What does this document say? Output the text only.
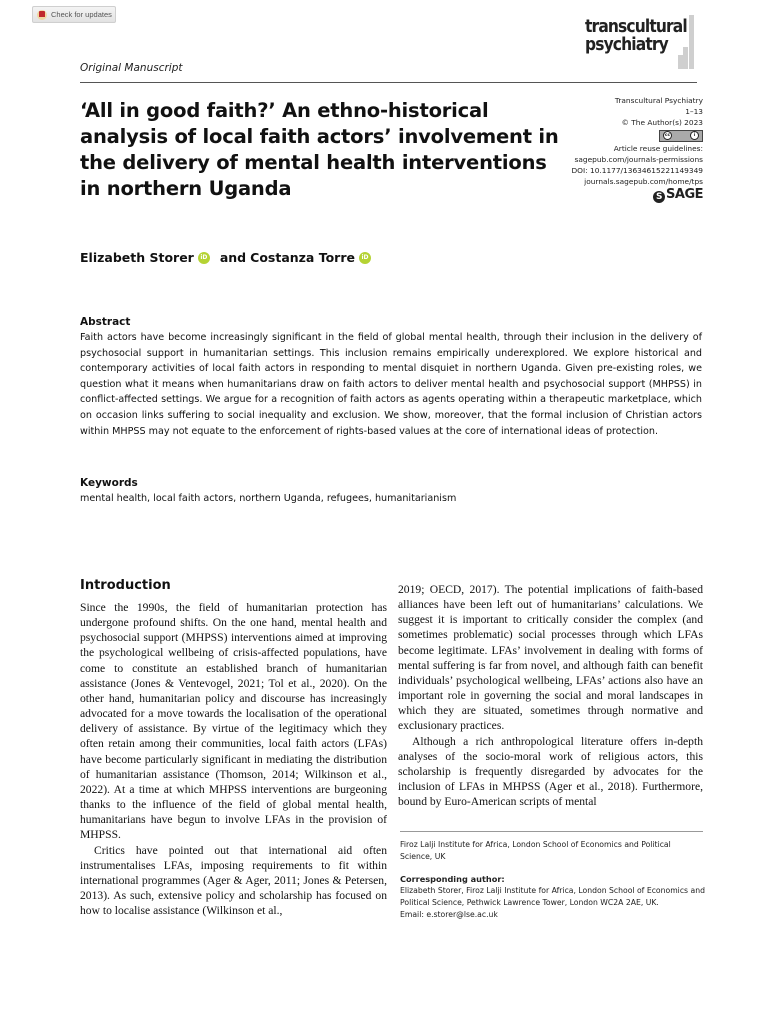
Check for updates
Original Manuscript
transcultural
psychiatry
Transcultural Psychiatry
1–13
© The Author(s) 2023
cc	i
Article reuse guidelines:
sagepub.com/journals-permissions
DOI: 10.1177/13634615221149349
journals.sagepub.com/home/tps
S SAGE
‘All in good faith?’ An ethno-historical analysis of local faith actors’ involvement in the delivery of mental health interventions in northern Uganda
Elizabeth Storer	iD and Costanza Torre	iD
Abstract

Faith actors have become increasingly significant in the field of global mental health, through their inclusion in the delivery of psychosocial support in humanitarian settings. This inclusion remains empirically underexplored. We explore historical and contemporary activities of local faith actors in responding to mental disquiet in northern Uganda. Given pre-existing roles, we question what it means when humanitarians draw on faith actors to deliver mental health and psychosocial support (MHPSS) in conflict-affected settings. We argue for a recognition of faith actors as agents operating within a therapeutic marketplace, which on occasion links suffering to social inequality and exclusion. We show, moreover, that the formal inclusion of Christian actors within MHPSS may not equate to the enforcement of rights-based values at the core of international ideas of protection.

Keywords

mental health, local faith actors, northern Uganda, refugees, humanitarianism

Introduction

Since the 1990s, the field of humanitarian protection has undergone profound shifts. On the one hand, mental health and psychosocial support (MHPSS) interventions aimed at improving the psychological wellbeing of crisis-affected populations, have come to constitute an established branch of humanitarian assistance (Jones & Ventevogel, 2021; Tol et al., 2020). On the other hand, humanitarian policy and discourse has increasingly advocated for a move towards the localisation of the operational delivery of assistance. By virtue of the legitimacy which they often retain among their communities, local faith actors (LFAs) have become particularly significant in mediating the distribution of humanitarian assistance (Thomson, 2014; Wilkinson et al., 2022). At a time at which MHPSS interventions are burgeoning thanks to the influence of the field of global mental health, humanitarians have begun to involve LFAs in the provision of MHPSS.

Critics have pointed out that international aid often instrumentalises LFAs, imposing requirements to fit within international programmes (Ager & Ager, 2011; Jones & Petersen, 2013). As such, extensive policy and scholarship has focused on how to localise assistance (Wilkinson et al.,

2019; OECD, 2017). The potential implications of faith-based alliances have been left out of humanitarians’ calculations. We suggest it is important to critically consider the complex (and sometimes problematic) social processes through which LFAs become legitimate. LFAs’ involvement in dealing with forms of mental suffering is far from novel, and although faith can benefit individuals’ psychological wellbeing, LFAs’ actions also have an important role in governing the social and moral landscapes in which they are situated, sometimes through normative and exclusionary practices.

Although a rich anthropological literature offers in-depth analyses of the socio-moral work of religious actors, this scholarship is frequently disregarded by advocates for the inclusion of LFAs in MHPSS (Ager et al., 2018). Furthermore, bound by Euro-American scripts of mental

Firoz Lalji Institute for Africa, London School of Economics and Political Science, UK
Corresponding author:
Elizabeth Storer, Firoz Lalji Institute for Africa, London School of Economics and Political Science, Pethwick Lawrence Tower, London WC2A 2AE, UK.
Email: e.storer@lse.ac.uk
